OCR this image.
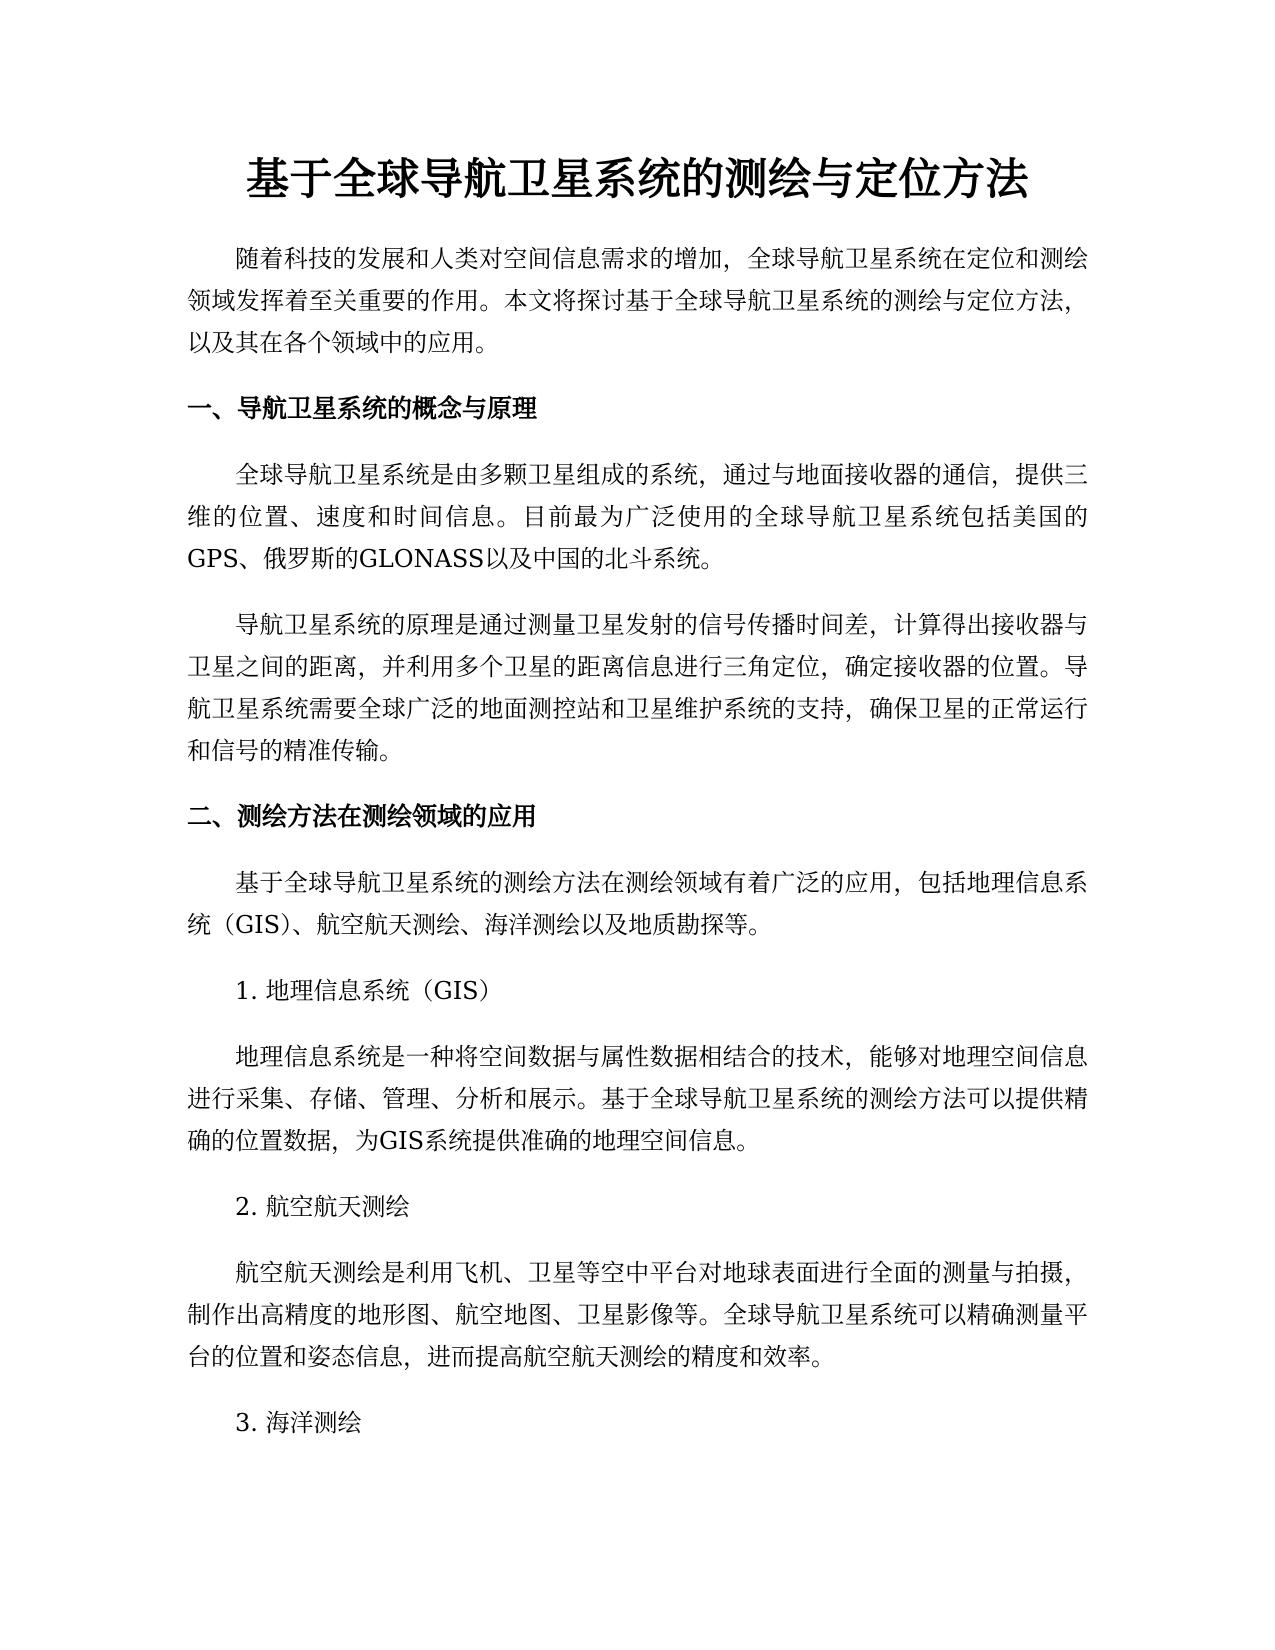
基于全球导航卫星系统的测绘与定位方法

随着科技的发展和人类对空间信息需求的增加，全球导航卫星系统在定位和测绘领域发挥着至关重要的作用。本文将探讨基于全球导航卫星系统的测绘与定位方法，以及其在各个领域中的应用。

一、导航卫星系统的概念与原理

全球导航卫星系统是由多颗卫星组成的系统，通过与地面接收器的通信，提供三维的位置、速度和时间信息。目前最为广泛使用的全球导航卫星系统包括美国的GPS、俄罗斯的GLONASS以及中国的北斗系统。

导航卫星系统的原理是通过测量卫星发射的信号传播时间差，计算得出接收器与卫星之间的距离，并利用多个卫星的距离信息进行三角定位，确定接收器的位置。导航卫星系统需要全球广泛的地面测控站和卫星维护系统的支持，确保卫星的正常运行和信号的精准传输。

二、测绘方法在测绘领域的应用

基于全球导航卫星系统的测绘方法在测绘领域有着广泛的应用，包括地理信息系统（GIS）、航空航天测绘、海洋测绘以及地质勘探等。

1. 地理信息系统（GIS）

地理信息系统是一种将空间数据与属性数据相结合的技术，能够对地理空间信息进行采集、存储、管理、分析和展示。基于全球导航卫星系统的测绘方法可以提供精确的位置数据，为GIS系统提供准确的地理空间信息。

2. 航空航天测绘

航空航天测绘是利用飞机、卫星等空中平台对地球表面进行全面的测量与拍摄，制作出高精度的地形图、航空地图、卫星影像等。全球导航卫星系统可以精确测量平台的位置和姿态信息，进而提高航空航天测绘的精度和效率。

3. 海洋测绘
